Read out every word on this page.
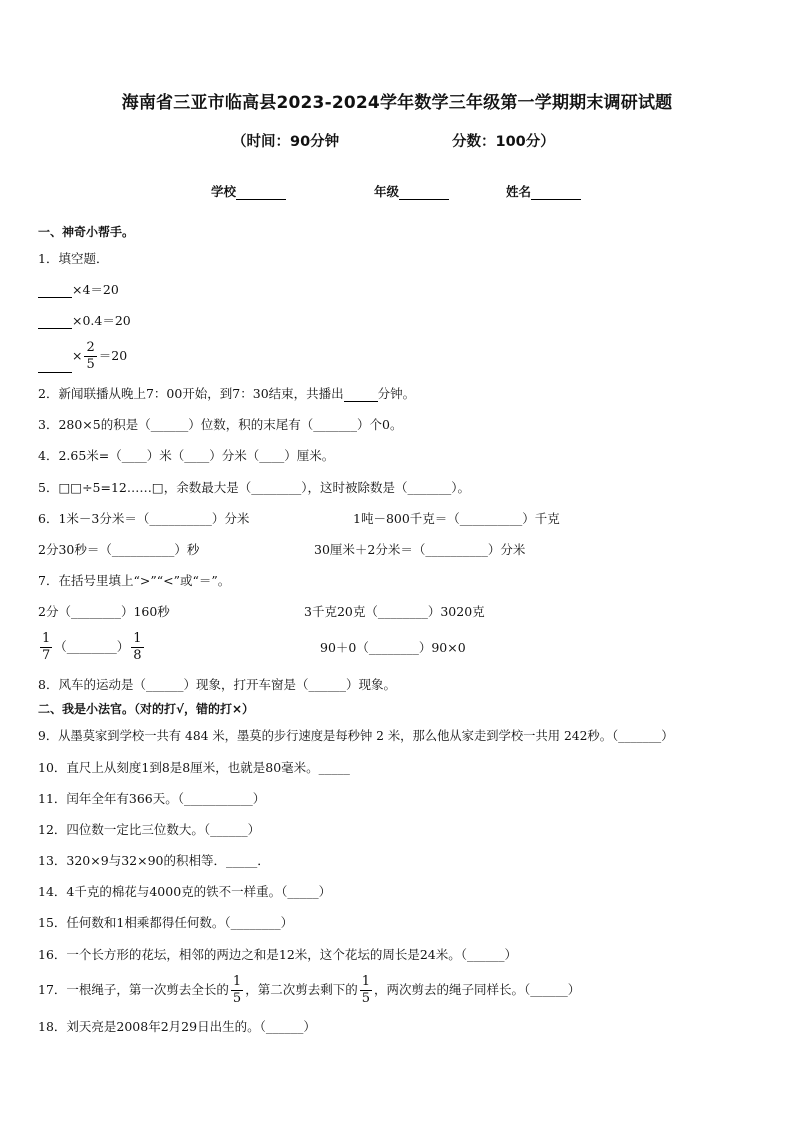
海南省三亚市临高县2023-2024学年数学三年级第一学期期末调研试题
（时间：90分钟	分数：100分）
学校	年级	姓名
一、神奇小帮手。
1．填空题．
×4＝20
×0.4＝20
× $\frac{2}{5} =20$
2．新闻联播从晚上7：00开始，到7：30结束，共播出	分钟。
3．280×5的积是（______）位数，积的末尾有（_______）个0。
4．2.65米=（____）米（____）分米（____）厘米。
5．□□÷5=12……□，余数最大是（________），这时被除数是（_______）。
6．1米－3分米＝（__________）分米	1吨－800千克＝（__________）千克
2分30秒＝（__________）秒	30厘米＋2分米＝（__________）分米
7．在括号里填上“>”“<”或“＝”。
2分（________）160秒	3千克20克（________）3020克
$\frac{1}{7}$ （________） $\frac{1}{8}$	90＋0（________）90×0
8．风车的运动是（______）现象，打开车窗是（______）现象。
二、我是小法官。（对的打√，错的打×）
9．从墨莫家到学校一共有 484 米，墨莫的步行速度是每秒钟 2 米，那么他从家走到学校一共用 242秒。（_______）
10．直尺上从刻度1到8是8厘米，也就是80毫米。_____
11．闰年全年有366天。（___________）
12．四位数一定比三位数大。（______）
13．320×9与32×90的积相等．_____．
14．4千克的棉花与4000克的铁不一样重。（_____）
15．任何数和1相乘都得任何数。（________）
16．一个长方形的花坛，相邻的两边之和是12米，这个花坛的周长是24米。（______）
17．一根绳子，第一次剪去全长的 $\frac{1}{5}$ ，第二次剪去剩下的 $\frac{1}{5}$ ，两次剪去的绳子同样长。（______）
18．刘天亮是2008年2月29日出生的。（______）
